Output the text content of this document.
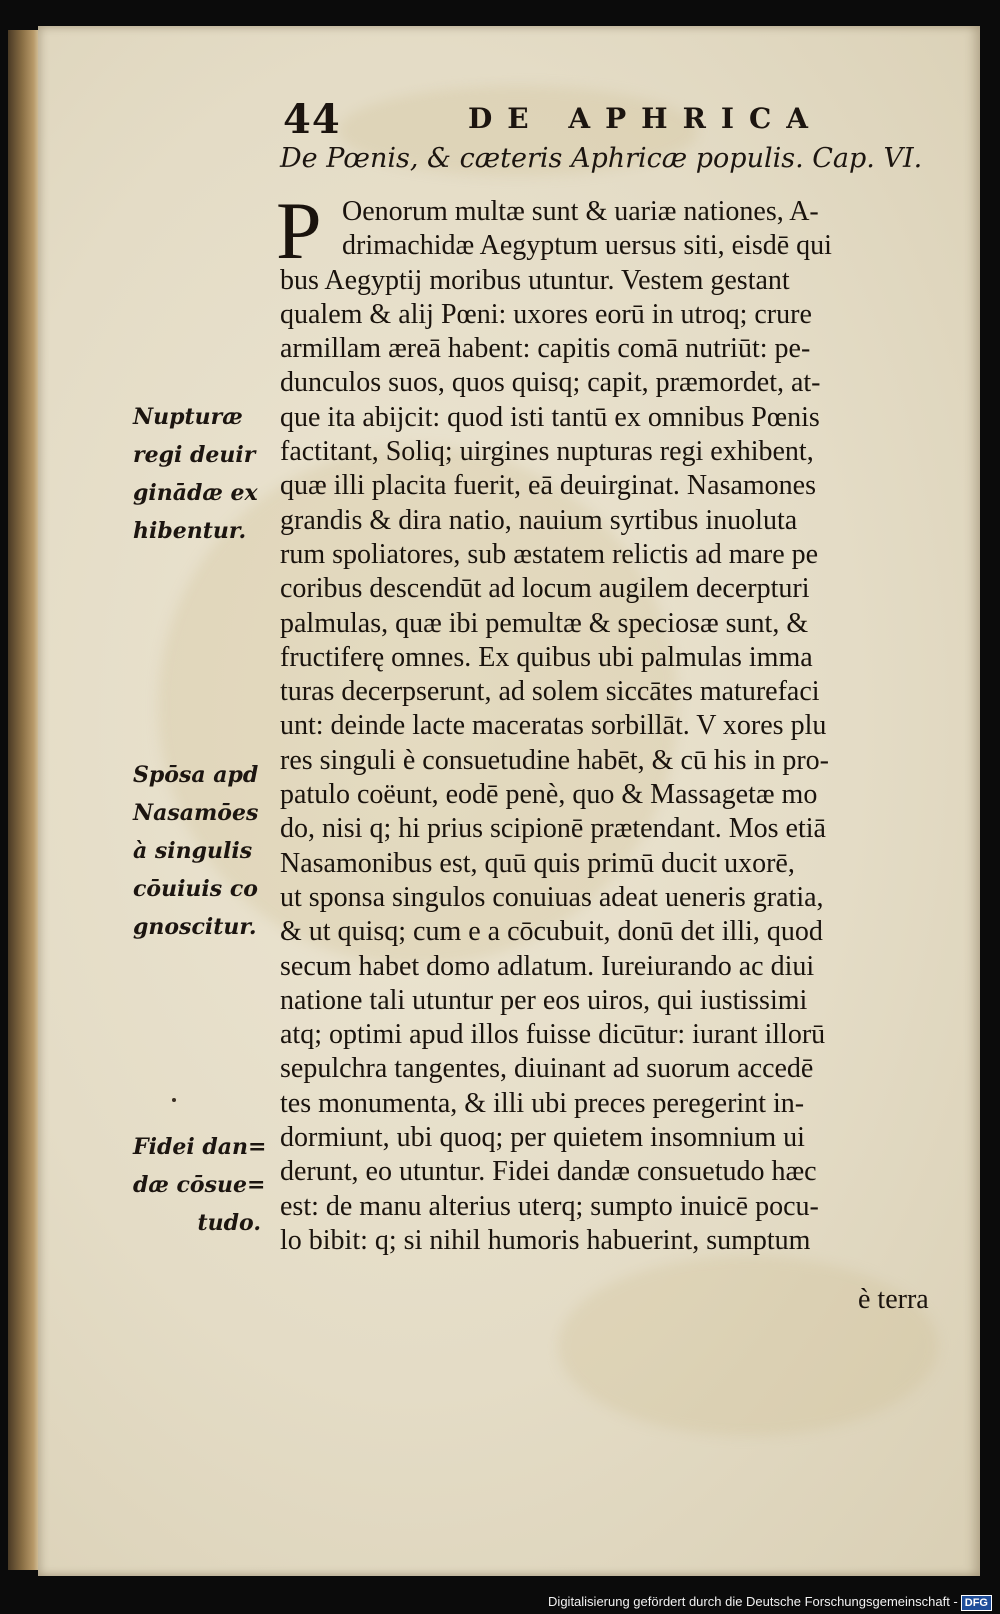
44	DE APHRICA
De Pœnis, & cæteris Aphricæ populis. Cap. VI.
P Oenorum multæ sunt & uariæ nationes, A-
drimachidæ Aegyptum uersus siti, eisdē qui
bus Aegyptij moribus utuntur. Vestem gestant
qualem & alij Pœni: uxores eorū in utroq; crure
armillam æreā habent: capitis comā nutriūt: pe-
dunculos suos, quos quisq; capit, præmordet, at-
que ita abijcit: quod isti tantū ex omnibus Pœnis
factitant, Soliq; uirgines nupturas regi exhibent,
quæ illi placita fuerit, eā deuirginat. Nasamones
grandis & dira natio, nauium syrtibus inuoluta
rum spoliatores, sub æstatem relictis ad mare pe
coribus descendūt ad locum augilem decerpturi
palmulas, quæ ibi pemultæ & speciosæ sunt, &
fructiferę omnes. Ex quibus ubi palmulas imma
turas decerpserunt, ad solem siccātes maturefaci
unt: deinde lacte maceratas sorbillāt. V xores plu
res singuli è consuetudine habēt, & cū his in pro-
patulo coëunt, eodē penè, quo & Massagetæ mo
do, nisi q; hi prius scipionē prætendant. Mos etiā
Nasamonibus est, quū quis primū ducit uxorē,
ut sponsa singulos conuiuas adeat ueneris gratia,
& ut quisq; cum e a cōcubuit, donū det illi, quod
secum habet domo adlatum. Iureiurando ac diui
natione tali utuntur per eos uiros, qui iustissimi
atq; optimi apud illos fuisse dicūtur: iurant illorū
sepulchra tangentes, diuinant ad suorum accedē
tes monumenta, & illi ubi preces peregerint in-
dormiunt, ubi quoq; per quietem insomnium ui
derunt, eo utuntur. Fidei dandæ consuetudo hæc
est: de manu alterius uterq; sumpto inuicē pocu-
lo bibit: q; si nihil humoris habuerint, sumptum
è terra
Nupturæ
regi deuir
ginādæ ex
hibentur.
Spōsa apd
Nasamōes
à singulis
cōuiuis co
gnoscitur.
Fidei dan=
dæ cōsue=
tudo.
Digitalisierung gefördert durch die Deutsche Forschungsgemeinschaft - DFG
